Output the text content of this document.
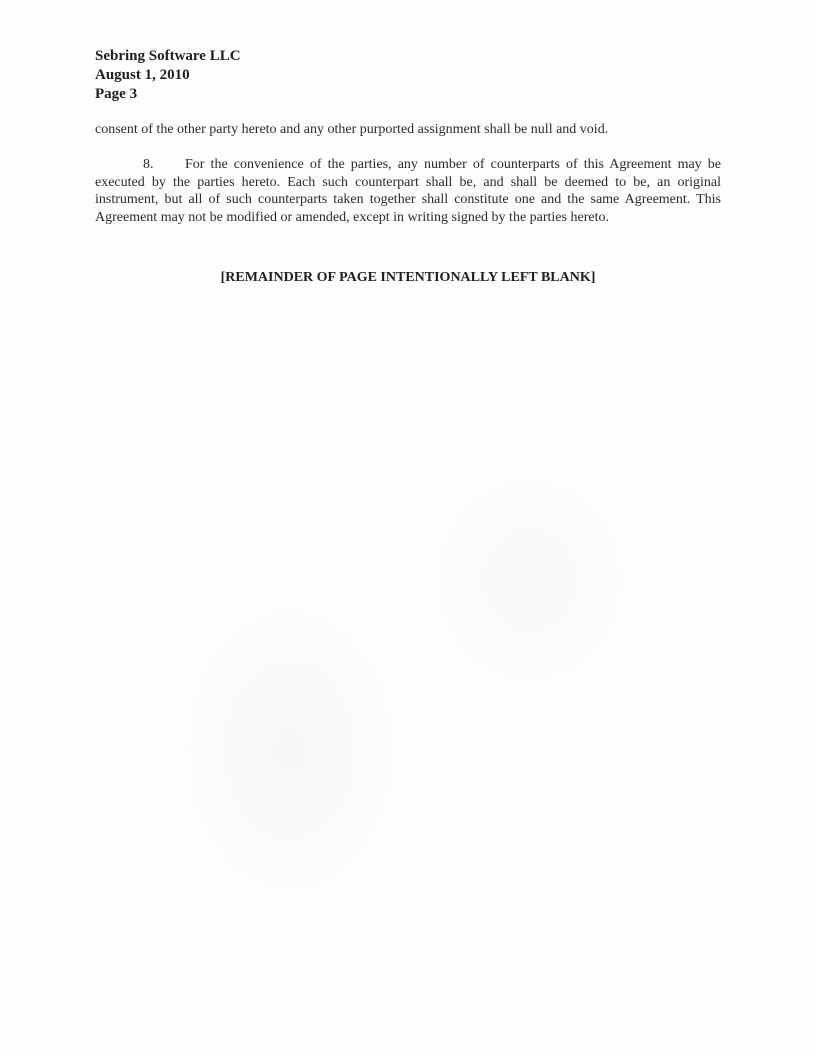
Sebring Software LLC
August 1, 2010
Page 3
consent of the other party hereto and any other purported assignment shall be null and void.
8. For the convenience of the parties, any number of counterparts of this Agreement may be executed by the parties hereto. Each such counterpart shall be, and shall be deemed to be, an original instrument, but all of such counterparts taken together shall constitute one and the same Agreement. This Agreement may not be modified or amended, except in writing signed by the parties hereto.
[REMAINDER OF PAGE INTENTIONALLY LEFT BLANK]
